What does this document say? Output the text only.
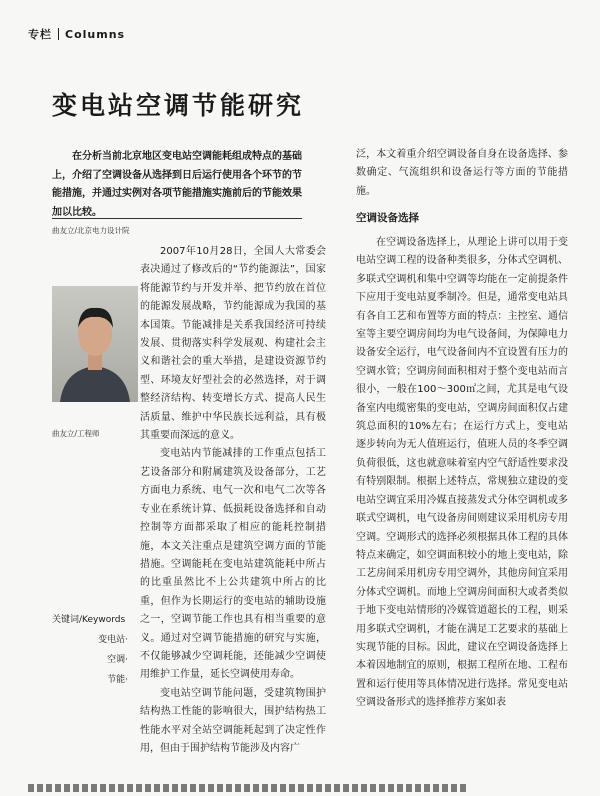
专栏 Columns
变电站空调节能研究
在分析当前北京地区变电站空调能耗组成特点的基础上，介绍了空调设备从选择到日后运行使用各个环节的节能措施，并通过实例对各项节能措施实施前后的节能效果加以比较。
曲友立/北京电力设计院
曲友立/工程师
关键词/Keywords
变电站·
空调·
节能·

2007年10月28日，全国人大常委会表决通过了修改后的“节约能源法”，国家将能源节约与开发并举、把节约放在首位的能源发展战略，节约能源成为我国的基本国策。节能减排是关系我国经济可持续发展、贯彻落实科学发展观、构建社会主义和谐社会的重大举措，是建设资源节约型、环境友好型社会的必然选择，对于调整经济结构、转变增长方式、提高人民生活质量、维护中华民族长远利益，具有极其重要而深远的意义。

变电站内节能减排的工作重点包括工艺设备部分和附属建筑及设备部分，工艺方面电力系统、电气一次和电气二次等各专业在系统计算、低损耗设备选择和自动控制等方面都采取了相应的能耗控制措施，本文关注重点是建筑空调方面的节能措施。空调能耗在变电站建筑能耗中所占的比重虽然比不上公共建筑中所占的比重，但作为长期运行的变电站的辅助设施之一，空调节能工作也具有相当重要的意义。通过对空调节能措施的研究与实施，不仅能够减少空调耗能，还能减少空调使用维护工作量，延长空调使用寿命。

变电站空调节能问题，受建筑物围护结构热工性能的影响很大，围护结构热工性能水平对全站空调能耗起到了决定性作用，但由于围护结构节能涉及内容广

泛，本文着重介绍空调设备自身在设备选择、参数确定、气流组织和设备运行等方面的节能措施。
空调设备选择

在空调设备选择上，从理论上讲可以用于变电站空调工程的设备种类很多，分体式空调机、多联式空调机和集中空调等均能在一定前提条件下应用于变电站夏季制冷。但是，通常变电站具有各自工艺和布置等方面的特点：主控室、通信室等主要空调房间均为电气设备间，为保障电力设备安全运行，电气设备间内不宜设置有压力的空调水管；空调房间面积相对于整个变电站而言很小，一般在100～300㎡之间，尤其是电气设备室内电缆密集的变电站，空调房间面积仅占建筑总面积的10%左右；在运行方式上，变电站逐步转向为无人值班运行，值班人员的冬季空调负荷很低，这也就意味着室内空气舒适性要求没有特别限制。根据上述特点，常规独立建设的变电站空调宜采用冷媒直接蒸发式分体空调机或多联式空调机，电气设备房间则建议采用机房专用空调。空调形式的选择必须根据具体工程的具体特点来确定，如空调面积较小的地上变电站，除工艺房间采用机房专用空调外，其他房间宜采用分体式空调机。而地上空调房间面积大或者类似于地下变电站情形的冷媒管道超长的工程，则采用多联式空调机，才能在满足工艺要求的基础上实现节能的目标。因此，建议在空调设备选择上本着因地制宜的原则，根据工程所在地、工程布置和运行使用等具体情况进行选择。常见变电站空调设备形式的选择推荐方案如表
